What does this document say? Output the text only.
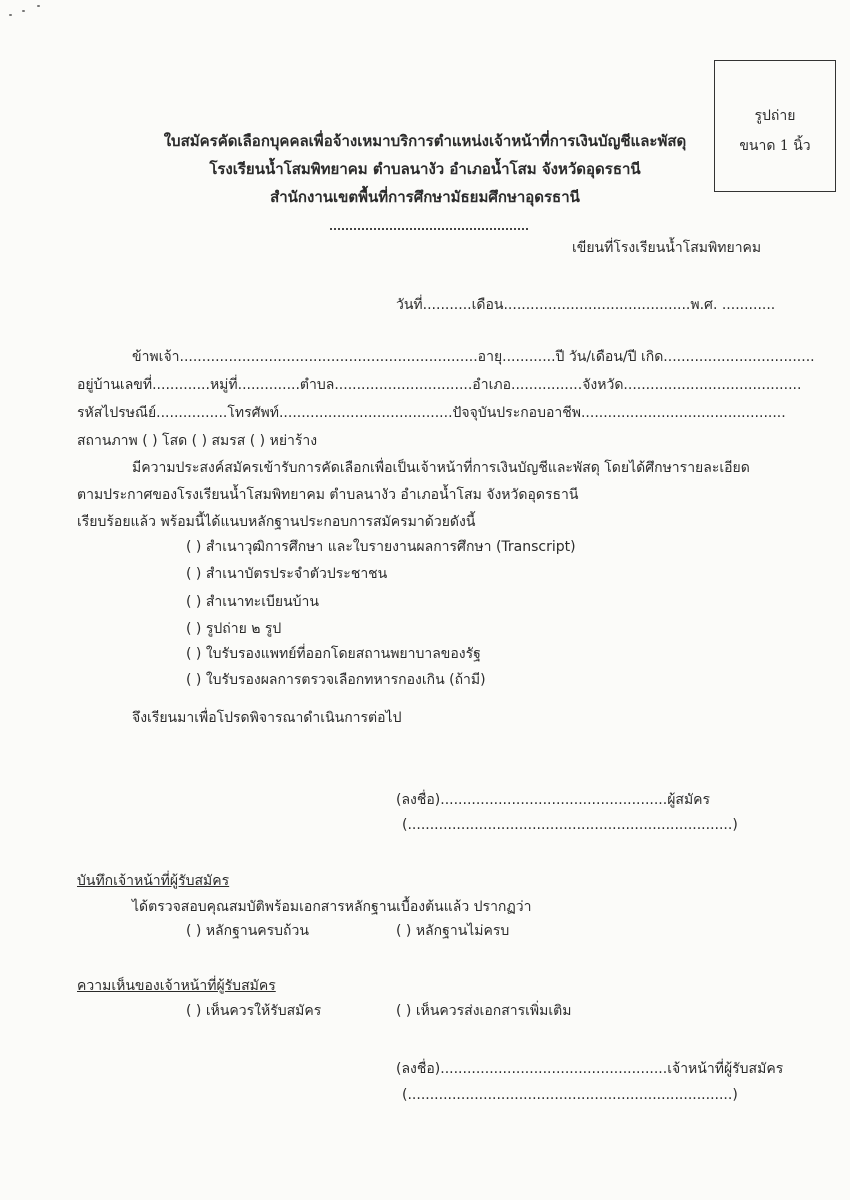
รูปถ่าย
ขนาด 1 นิ้ว
ใบสมัครคัดเลือกบุคคลเพื่อจ้างเหมาบริการตำแหน่งเจ้าหน้าที่การเงินบัญชีและพัสดุ
โรงเรียนน้ำโสมพิทยาคม ตำบลนางัว อำเภอน้ำโสม จังหวัดอุดรธานี
สำนักงานเขตพื้นที่การศึกษามัธยมศึกษาอุดรธานี
เขียนที่โรงเรียนน้ำโสมพิทยาคม
วันที่...........เดือน..........................................พ.ศ. ............
ข้าพเจ้า...................................................................อายุ............ปี วัน/เดือน/ปี เกิด..................................
อยู่บ้านเลขที่.............หมู่ที่..............ตำบล...............................อำเภอ................จังหวัด........................................
รหัสไปรษณีย์................โทรศัพท์.......................................ปัจจุบันประกอบอาชีพ..............................................
สถานภาพ ( ) โสด ( ) สมรส ( ) หย่าร้าง
มีความประสงค์สมัครเข้ารับการคัดเลือกเพื่อเป็นเจ้าหน้าที่การเงินบัญชีและพัสดุ โดยได้ศึกษารายละเอียด
ตามประกาศของโรงเรียนน้ำโสมพิทยาคม ตำบลนางัว อำเภอน้ำโสม จังหวัดอุดรธานี
เรียบร้อยแล้ว พร้อมนี้ได้แนบหลักฐานประกอบการสมัครมาด้วยดังนี้
( ) สำเนาวุฒิการศึกษา และใบรายงานผลการศึกษา (Transcript)
( ) สำเนาบัตรประจำตัวประชาชน
( ) สำเนาทะเบียนบ้าน
( ) รูปถ่าย ๒ รูป
( ) ใบรับรองแพทย์ที่ออกโดยสถานพยาบาลของรัฐ
( ) ใบรับรองผลการตรวจเลือกทหารกองเกิน (ถ้ามี)
จึงเรียนมาเพื่อโปรดพิจารณาดำเนินการต่อไป
(ลงชื่อ)...................................................ผู้สมัคร
(.........................................................................)
บันทึกเจ้าหน้าที่ผู้รับสมัคร
ได้ตรวจสอบคุณสมบัติพร้อมเอกสารหลักฐานเบื้องต้นแล้ว ปรากฏว่า
( ) หลักฐานครบถ้วน	( ) หลักฐานไม่ครบ
ความเห็นของเจ้าหน้าที่ผู้รับสมัคร
( ) เห็นควรให้รับสมัคร	( ) เห็นควรส่งเอกสารเพิ่มเติม
(ลงชื่อ)...................................................เจ้าหน้าที่ผู้รับสมัคร
(.........................................................................)
